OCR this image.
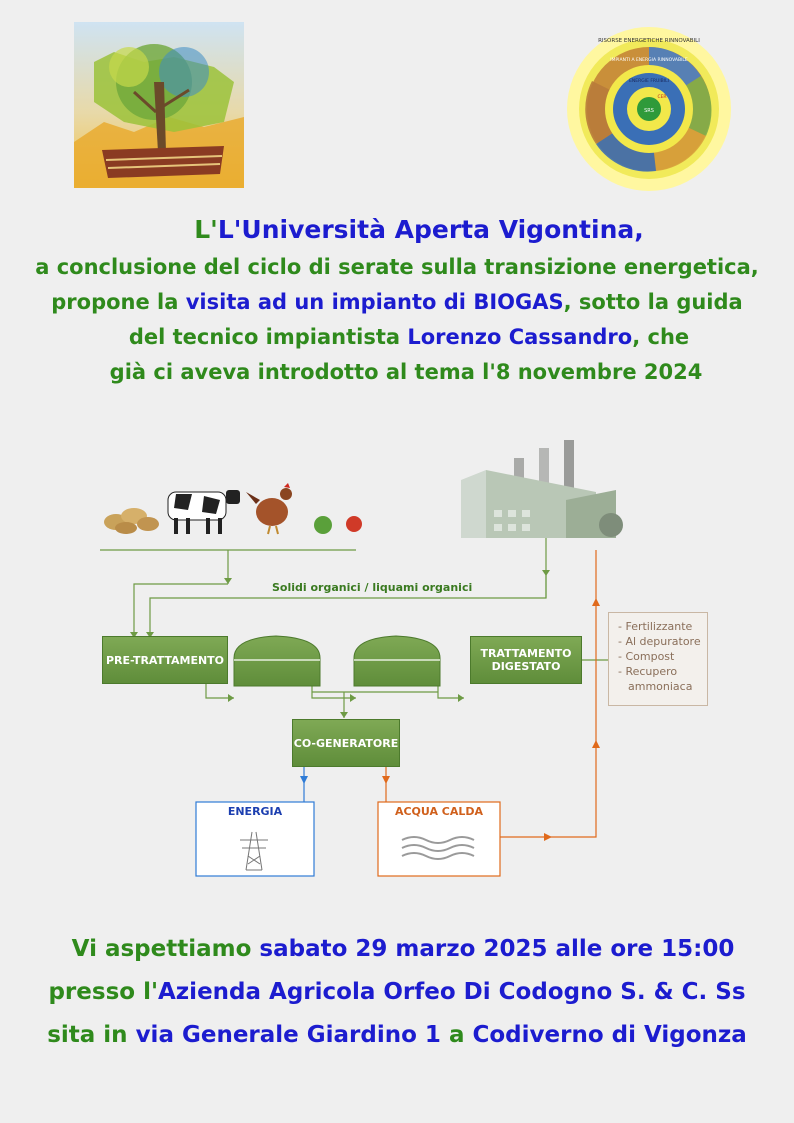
SRS
RISORSE ENERGETICHE RINNOVABILI
IMPIANTI A ENERGIA RINNOVABILE
ENERGIE FRUIBILI
CER
L'L'Università Aperta Vigontina,
a conclusione del ciclo di serate sulla transizione energetica,
propone la visita ad un impianto di BIOGAS, sotto la guida
del tecnico impiantista Lorenzo Cassandro, che
già ci aveva introdotto al tema l'8 novembre 2024
Solidi organici / liquami organici
PRE-TRATTAMENTO	TRATTAMENTO DIGESTATO
CO-GENERATORE
ENERGIA	ACQUA CALDA
- Fertilizzante
- Al depuratore
- Compost
- Recupero
ammoniaca
Vi aspettiamo sabato 29 marzo 2025 alle ore 15:00
presso l'Azienda Agricola Orfeo Di Codogno S. & C. Ss
sita in via Generale Giardino 1 a Codiverno di Vigonza
